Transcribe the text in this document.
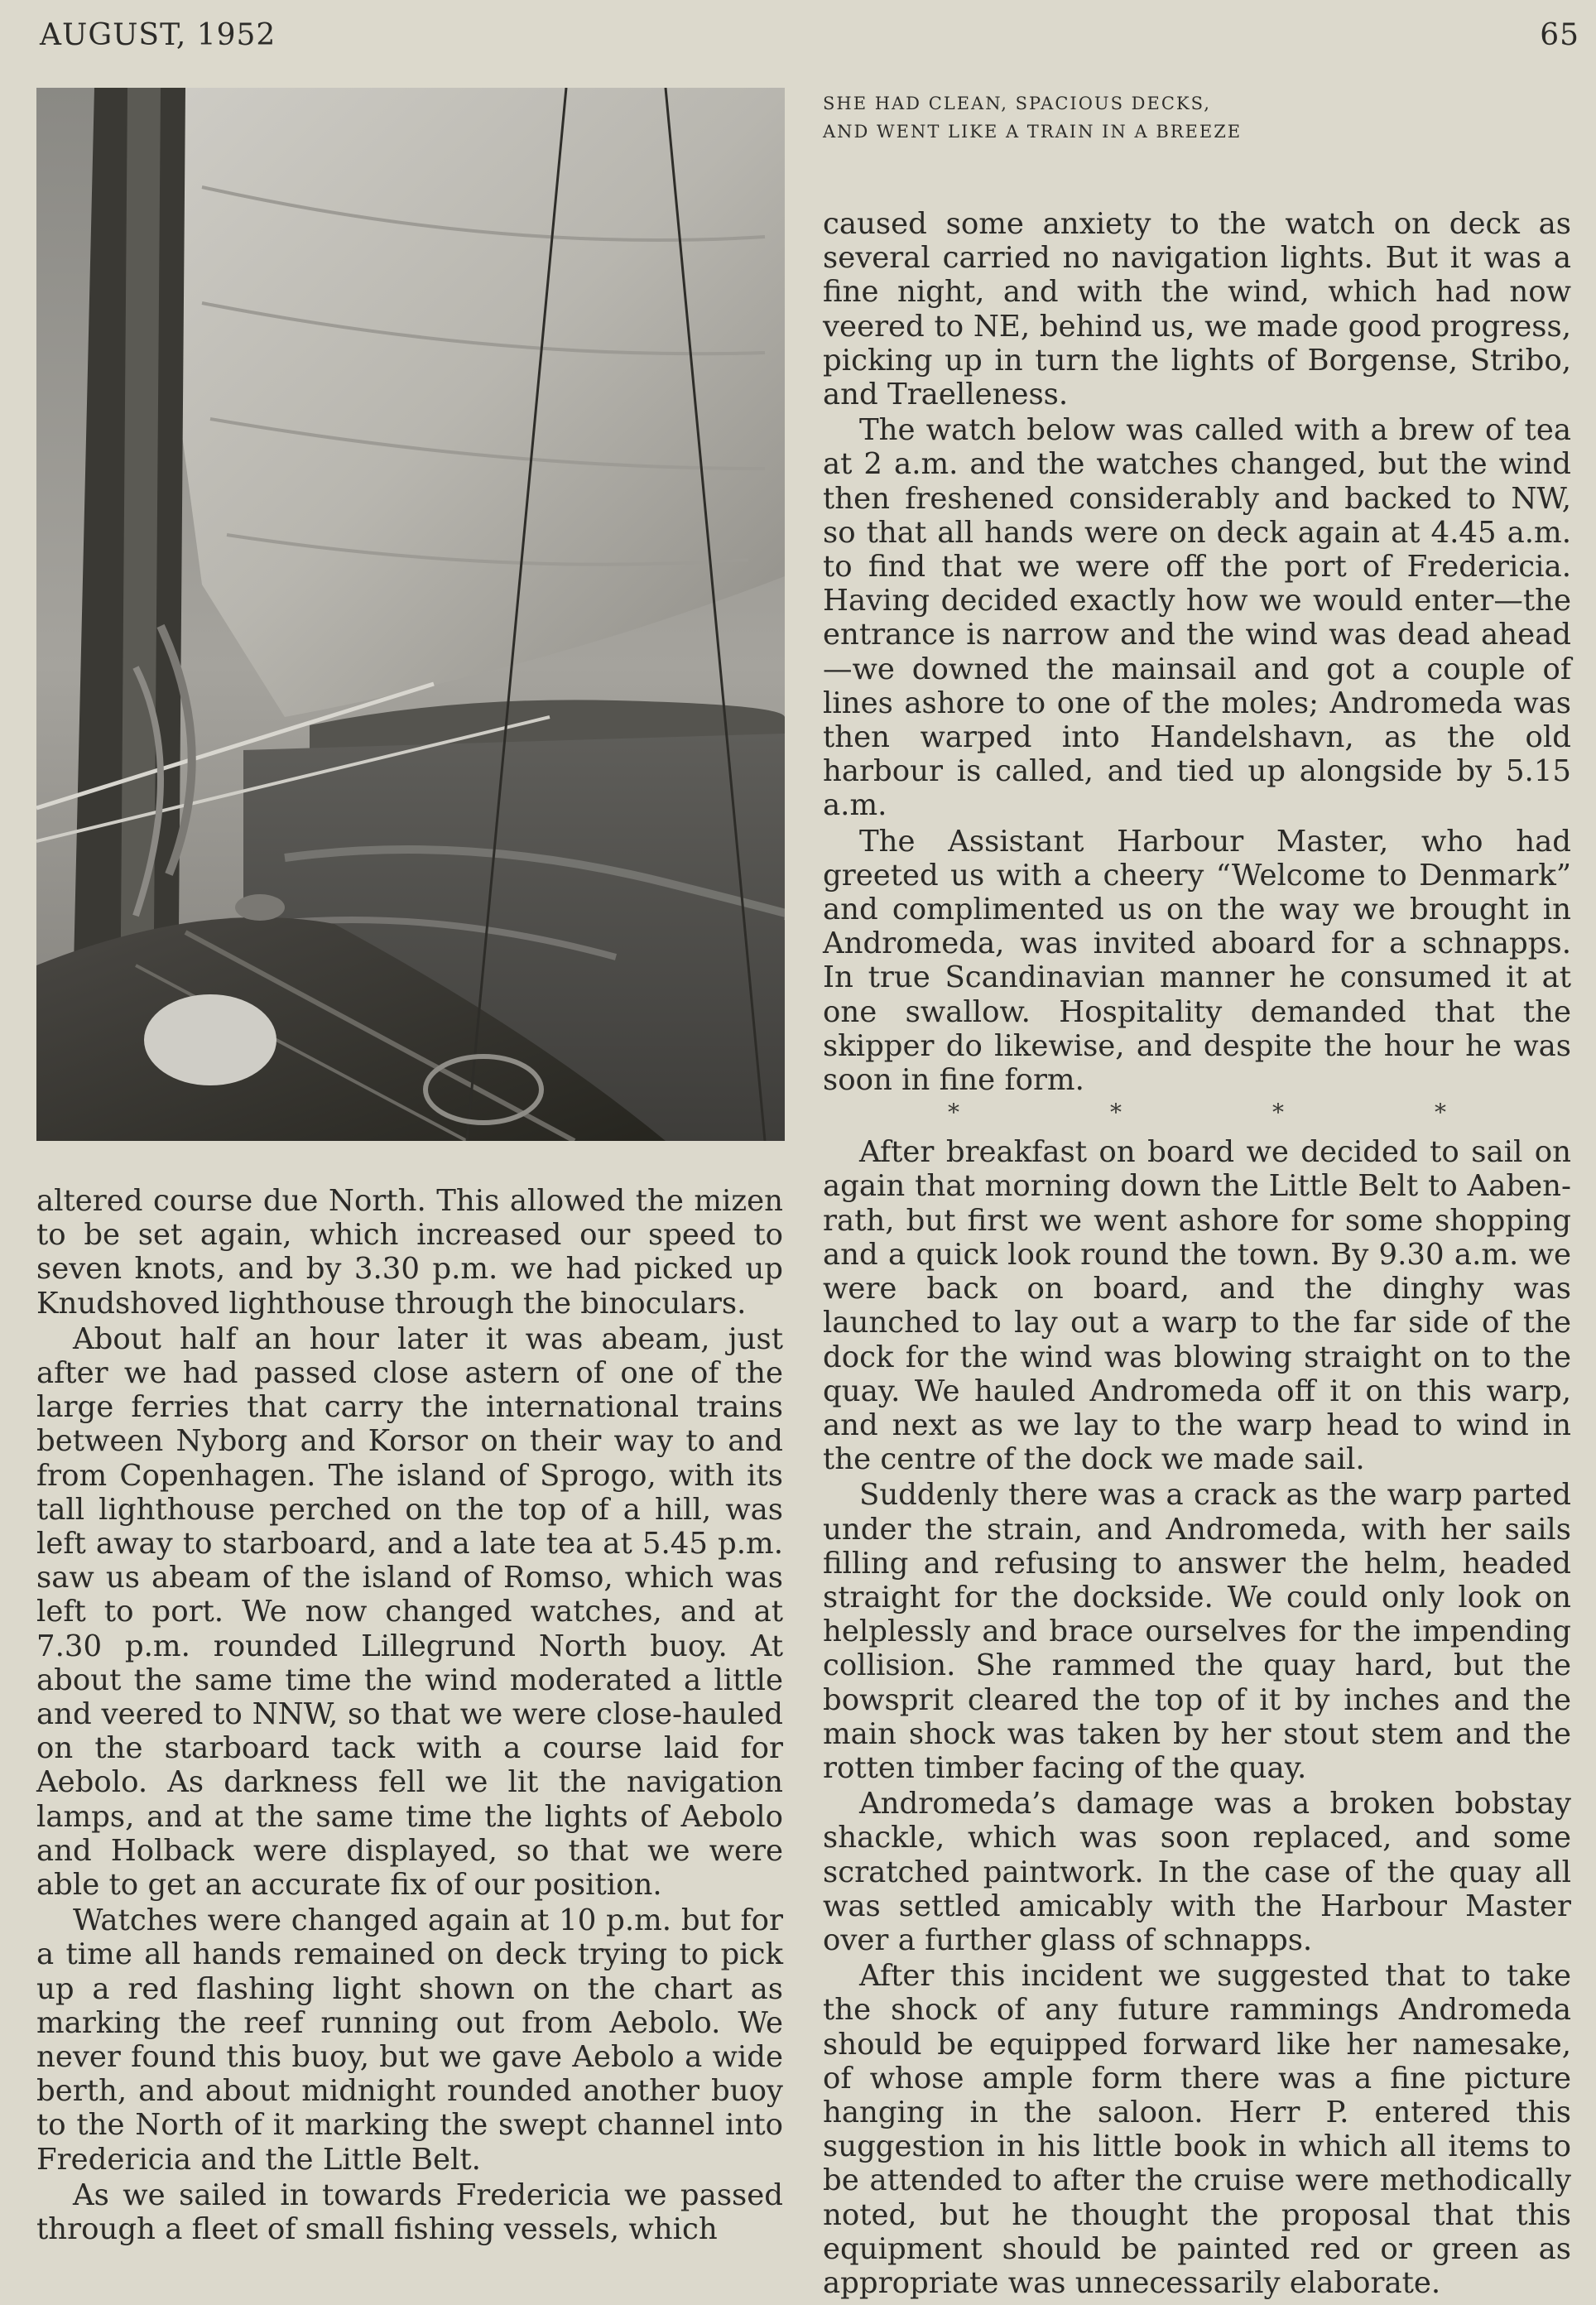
AUGUST, 1952	65
SHE HAD CLEAN, SPACIOUS DECKS,
AND WENT LIKE A TRAIN IN A BREEZE

altered course due North. This allowed the mizen to be set again, which increased our speed to seven knots, and by 3.30 p.m. we had picked up Knudshoved lighthouse through the binoculars.

About half an hour later it was abeam, just after we had passed close astern of one of the large ferries that carry the international trains between Nyborg and Korsor on their way to and from Copenhagen. The island of Sprogo, with its tall lighthouse perched on the top of a hill, was left away to starboard, and a late tea at 5.45 p.m. saw us abeam of the island of Romso, which was left to port. We now changed watches, and at 7.30 p.m. rounded Lillegrund North buoy. At about the same time the wind moderated a little and veered to NNW, so that we were close-hauled on the starboard tack with a course laid for Aebolo. As darkness fell we lit the navigation lamps, and at the same time the lights of Aebolo and Holback were displayed, so that we were able to get an accurate fix of our position.

Watches were changed again at 10 p.m. but for a time all hands remained on deck trying to pick up a red flashing light shown on the chart as marking the reef running out from Aebolo. We never found this buoy, but we gave Aebolo a wide berth, and about midnight rounded another buoy to the North of it marking the swept channel into Fredericia and the Little Belt.

As we sailed in towards Fredericia we passed through a fleet of small fishing vessels, which

caused some anxiety to the watch on deck as several carried no navigation lights. But it was a fine night, and with the wind, which had now veered to NE, behind us, we made good progress, picking up in turn the lights of Borgense, Stribo, and Traelleness.

The watch below was called with a brew of tea at 2 a.m. and the watches changed, but the wind then freshened considerably and backed to NW, so that all hands were on deck again at 4.45 a.m. to find that we were off the port of Fredericia. Having decided exactly how we would enter—the entrance is narrow and the wind was dead ahead —we downed the mainsail and got a couple of lines ashore to one of the moles; Andromeda was then warped into Handelshavn, as the old harbour is called, and tied up alongside by 5.15 a.m.

The Assistant Harbour Master, who had greeted us with a cheery “Welcome to Denmark” and complimented us on the way we brought in Andromeda, was invited aboard for a schnapps. In true Scandinavian manner he consumed it at one swallow. Hospitality demanded that the skipper do likewise, and despite the hour he was soon in fine form.

*	*	*	*

After breakfast on board we decided to sail on again that morning down the Little Belt to Aabenrath, but first we went ashore for some shopping and a quick look round the town. By 9.30 a.m. we were back on board, and the dinghy was launched to lay out a warp to the far side of the dock for the wind was blowing straight on to the quay. We hauled Andromeda off it on this warp, and next as we lay to the warp head to wind in the centre of the dock we made sail.

Suddenly there was a crack as the warp parted under the strain, and Andromeda, with her sails filling and refusing to answer the helm, headed straight for the dockside. We could only look on helplessly and brace ourselves for the impending collision. She rammed the quay hard, but the bowsprit cleared the top of it by inches and the main shock was taken by her stout stem and the rotten timber facing of the quay.

Andromeda’s damage was a broken bobstay shackle, which was soon replaced, and some scratched paintwork. In the case of the quay all was settled amicably with the Harbour Master over a further glass of schnapps.

After this incident we suggested that to take the shock of any future rammings Andromeda should be equipped forward like her namesake, of whose ample form there was a fine picture hanging in the saloon. Herr P. entered this suggestion in his little book in which all items to be attended to after the cruise were methodically noted, but he thought the proposal that this equipment should be painted red or green as appropriate was unnecessarily elaborate.
